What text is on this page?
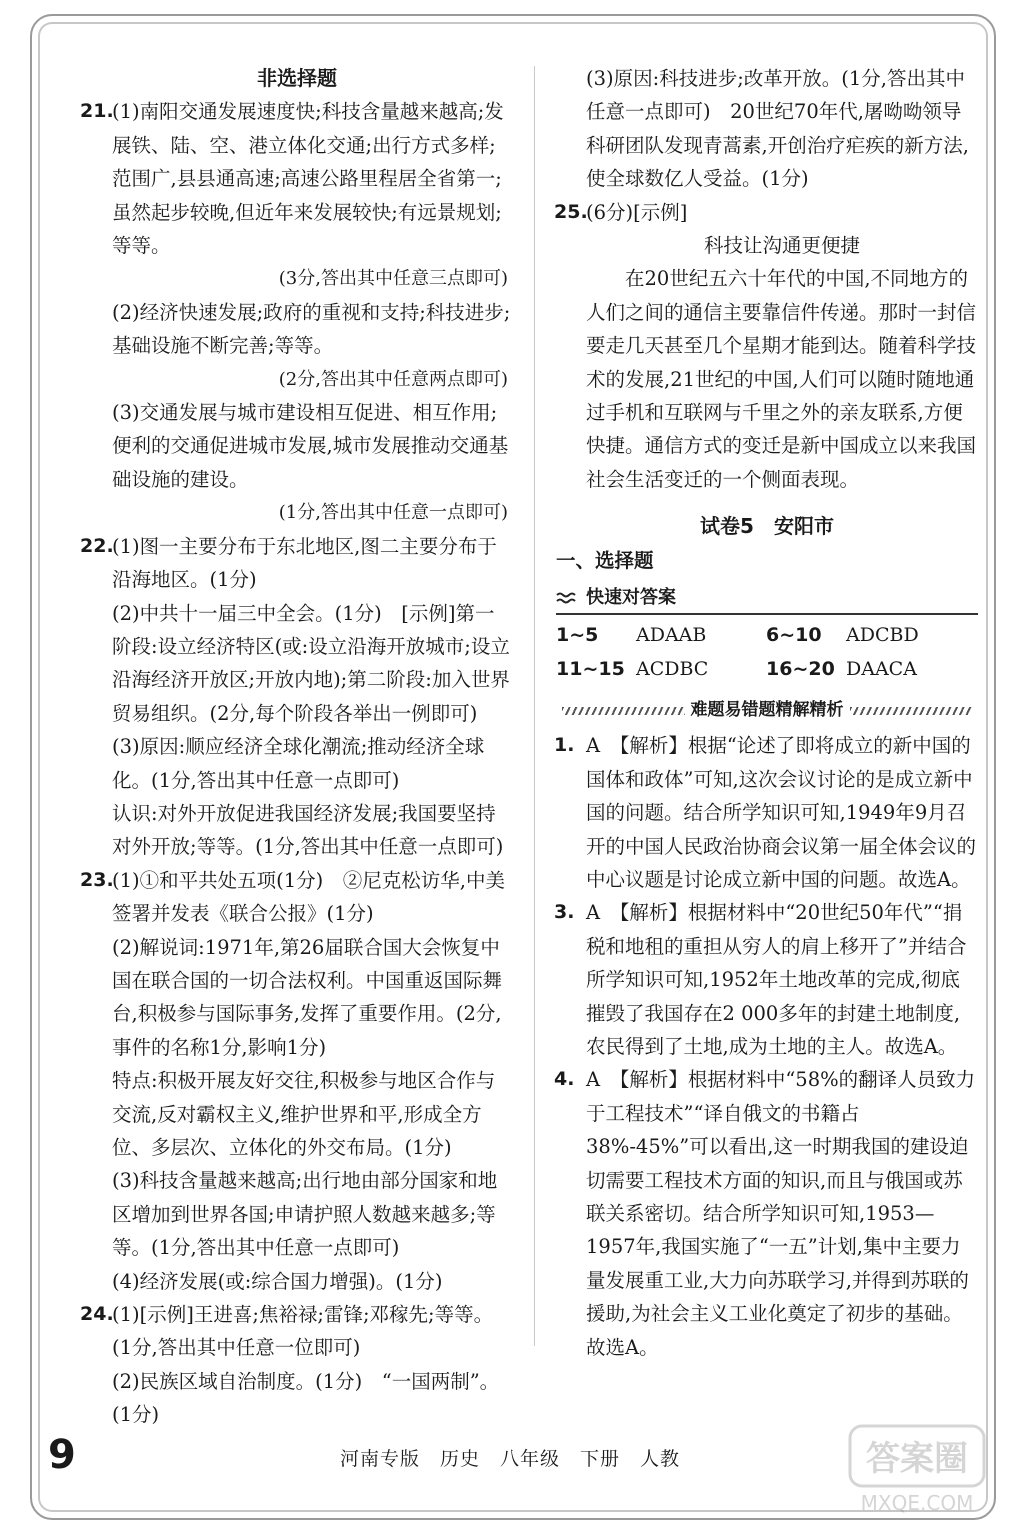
非选择题
21.
(1)南阳交通发展速度快;科技含量越来越高;发展铁、陆、空、港立体化交通;出行方式多样;范围广,县县通高速;高速公路里程居全省第一;虽然起步较晚,但近年来发展较快;有远景规划;等等。
(3分,答出其中任意三点即可)
(2)经济快速发展;政府的重视和支持;科技进步;基础设施不断完善;等等。
(2分,答出其中任意两点即可)
(3)交通发展与城市建设相互促进、相互作用;便利的交通促进城市发展,城市发展推动交通基础设施的建设。
(1分,答出其中任意一点即可)
22.
(1)图一主要分布于东北地区,图二主要分布于沿海地区。(1分)
(2)中共十一届三中全会。(1分)　[示例]第一阶段:设立经济特区(或:设立沿海开放城市;设立沿海经济开放区;开放内地);第二阶段:加入世界贸易组织。(2分,每个阶段各举出一例即可)
(3)原因:顺应经济全球化潮流;推动经济全球化。(1分,答出其中任意一点即可)
认识:对外开放促进我国经济发展;我国要坚持对外开放;等等。(1分,答出其中任意一点即可)
23.
(1)①和平共处五项(1分)　②尼克松访华,中美签署并发表《联合公报》(1分)
(2)解说词:1971年,第26届联合国大会恢复中国在联合国的一切合法权利。中国重返国际舞台,积极参与国际事务,发挥了重要作用。(2分,事件的名称1分,影响1分)
特点:积极开展友好交往,积极参与地区合作与交流,反对霸权主义,维护世界和平,形成全方位、多层次、立体化的外交布局。(1分)
(3)科技含量越来越高;出行地由部分国家和地区增加到世界各国;申请护照人数越来越多;等等。(1分,答出其中任意一点即可)
(4)经济发展(或:综合国力增强)。(1分)
24.
(1)[示例]王进喜;焦裕禄;雷锋;邓稼先;等等。(1分,答出其中任意一位即可)
(2)民族区域自治制度。(1分)　“一国两制”。(1分)
(3)原因:科技进步;改革开放。(1分,答出其中任意一点即可)　20世纪70年代,屠呦呦领导科研团队发现青蒿素,开创治疗疟疾的新方法,使全球数亿人受益。(1分)
25.
(6分)[示例]
科技让沟通更便捷
在20世纪五六十年代的中国,不同地方的人们之间的通信主要靠信件传递。那时一封信要走几天甚至几个星期才能到达。随着科学技术的发展,21世纪的中国,人们可以随时随地通过手机和互联网与千里之外的亲友联系,方便快捷。通信方式的变迁是新中国成立以来我国社会生活变迁的一个侧面表现。
试卷5　安阳市
一、选择题
快速对答案
1~5	ADAAB	6~10	ADCBD
11~15 ACDBC	16~20 DAACA
难题易错题精解精析
1. A　【解析】根据“论述了即将成立的新中国的国体和政体”可知,这次会议讨论的是成立新中国的问题。结合所学知识可知,1949年9月召开的中国人民政治协商会议第一届全体会议的中心议题是讨论成立新中国的问题。故选A。
3. A　【解析】根据材料中“20世纪50年代”“捐税和地租的重担从穷人的肩上移开了”并结合所学知识可知,1952年土地改革的完成,彻底摧毁了我国存在2 000多年的封建土地制度,农民得到了土地,成为土地的主人。故选A。
4. A　【解析】根据材料中“58%的翻译人员致力于工程技术”“译自俄文的书籍占38%-45%”可以看出,这一时期我国的建设迫切需要工程技术方面的知识,而且与俄国或苏联关系密切。结合所学知识可知,1953—1957年,我国实施了“一五”计划,集中主要力量发展重工业,大力向苏联学习,并得到苏联的援助,为社会主义工业化奠定了初步的基础。故选A。
9	河南专版　历史　八年级　下册　人教	答案圈
MXQE.COM
